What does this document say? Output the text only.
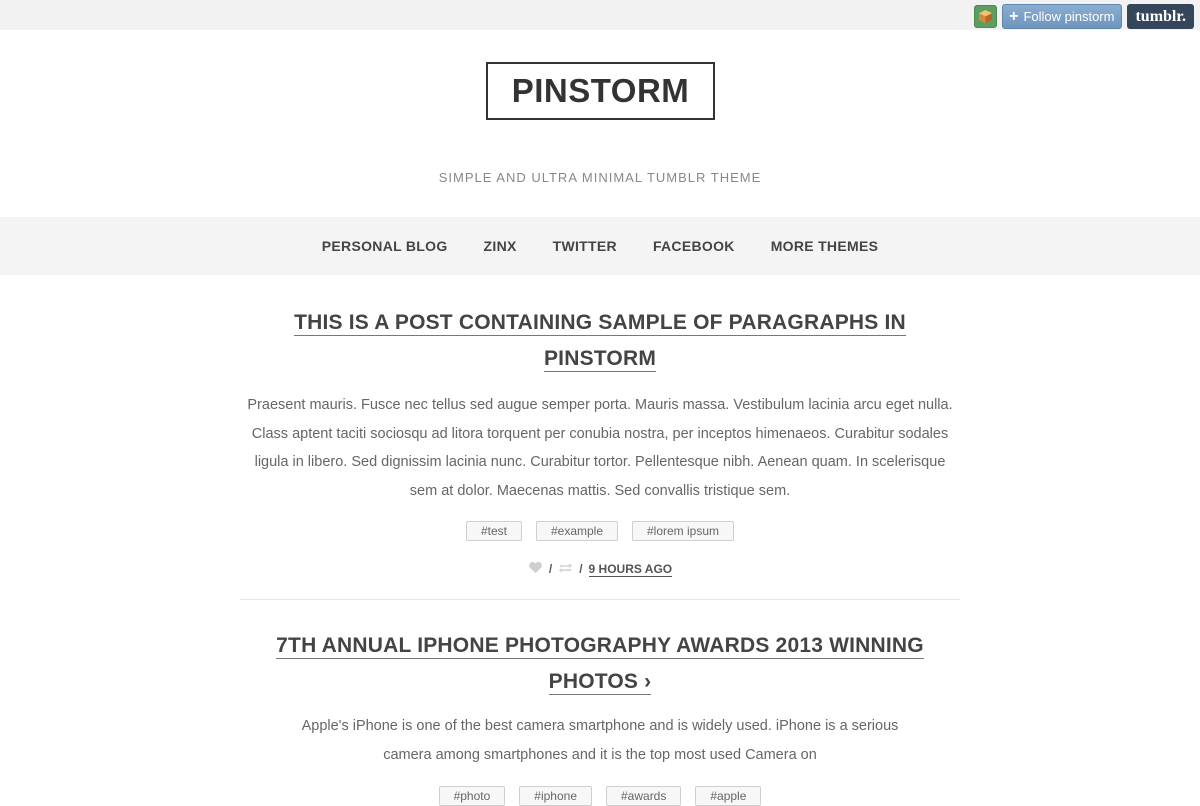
+ Follow pinstorm	tumblr.
PINSTORM
SIMPLE AND ULTRA MINIMAL TUMBLR THEME
PERSONAL BLOG	ZINX	TWITTER	FACEBOOK	MORE THEMES
THIS IS A POST CONTAINING SAMPLE OF PARAGRAPHS IN
PINSTORM

Praesent mauris. Fusce nec tellus sed augue semper porta. Mauris massa. Vestibulum lacinia arcu eget nulla. Class aptent taciti sociosqu ad litora torquent per conubia nostra, per inceptos himenaeos. Curabitur sodales ligula in libero. Sed dignissim lacinia nunc. Curabitur tortor. Pellentesque nibh. Aenean quam. In scelerisque sem at dolor. Maecenas mattis. Sed convallis tristique sem.

#test	#example	#lorem ipsum
/ / 9 HOURS AGO
7TH ANNUAL IPHONE PHOTOGRAPHY AWARDS 2013 WINNING
PHOTOS ›

Apple's iPhone is one of the best camera smartphone and is widely used. iPhone is a serious
camera among smartphones and it is the top most used Camera on

#photo	#iphone	#awards	#apple
